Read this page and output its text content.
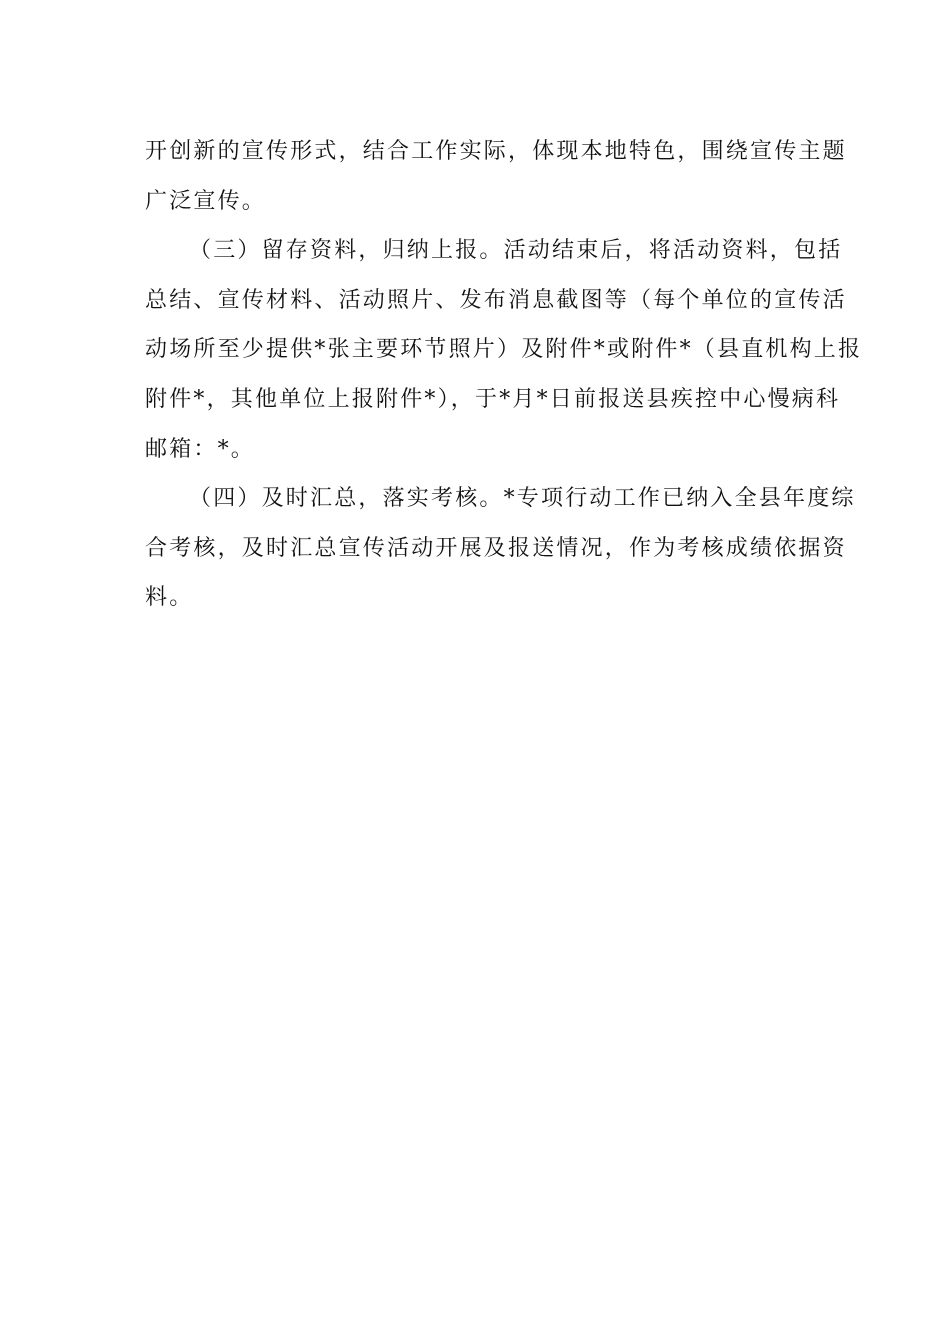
开创新的宣传形式，结合工作实际，体现本地特色，围绕宣传主题
广泛宣传。
（三）留存资料，归纳上报。活动结束后，将活动资料，包括
总结、宣传材料、活动照片、发布消息截图等（每个单位的宣传活
动场所至少提供*张主要环节照片）及附件*或附件*（县直机构上报
附件*，其他单位上报附件*），于*月*日前报送县疾控中心慢病科
邮箱：*。
（四）及时汇总，落实考核。*专项行动工作已纳入全县年度综
合考核，及时汇总宣传活动开展及报送情况，作为考核成绩依据资
料。
